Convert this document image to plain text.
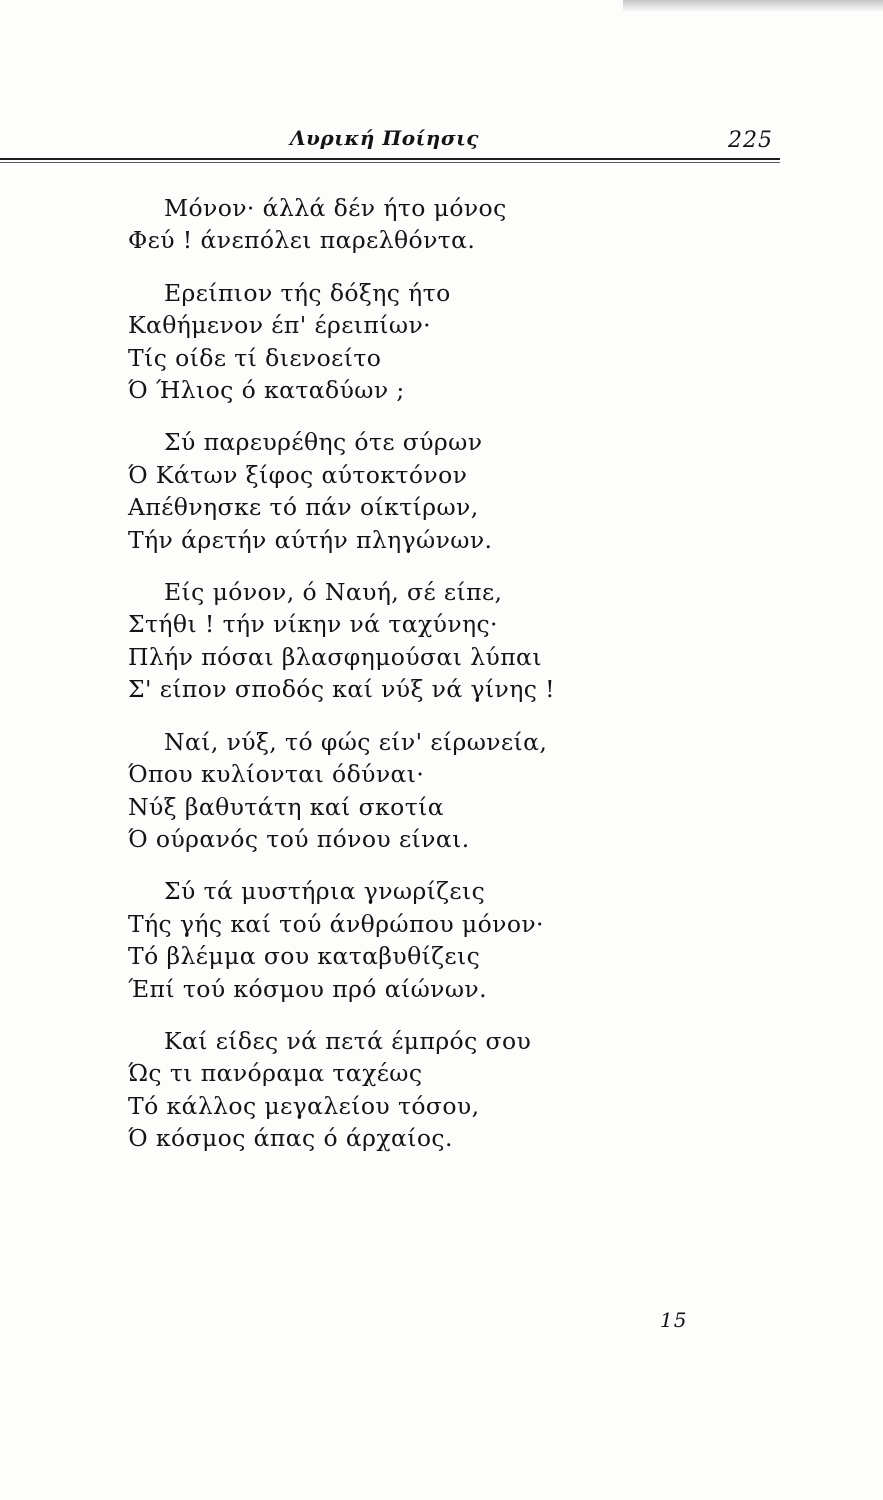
Λυρική Ποίησις	225
Μόνον· άλλά δέν ήτο μόνος
Φεύ ! άνεπόλει παρελθόντα.
Ερείπιον τής δόξης ήτο
Καθήμενον έπ' έρειπίων·
Τίς οίδε τί διενοείτο
Ό Ήλιος ό καταδύων ;
Σύ παρευρέθης ότε σύρων
Ό Κάτων ξίφος αύτοκτόνον
Απέθνησκε τό πάν οίκτίρων,
Τήν άρετήν αύτήν πληγώνων.
Είς μόνον, ό Ναυή, σέ είπε,
Στήθι ! τήν νίκην νά ταχύνης·
Πλήν πόσαι βλασφημούσαι λύπαι
Σ' είπον σποδός καί νύξ νά γίνης !
Ναί, νύξ, τό φώς είν' είρωνεία,
Όπου κυλίονται όδύναι·
Νύξ βαθυτάτη καί σκοτία
Ό ούρανός τού πόνου είναι.
Σύ τά μυστήρια γνωρίζεις
Τής γής καί τού άνθρώπου μόνον·
Τό βλέμμα σου καταβυθίζεις
Έπί τού κόσμου πρό αίώνων.
Καί είδες νά πετά έμπρός σου
Ώς τι πανόραμα ταχέως
Τό κάλλος μεγαλείου τόσου,
Ό κόσμος άπας ό άρχαίος.
15
